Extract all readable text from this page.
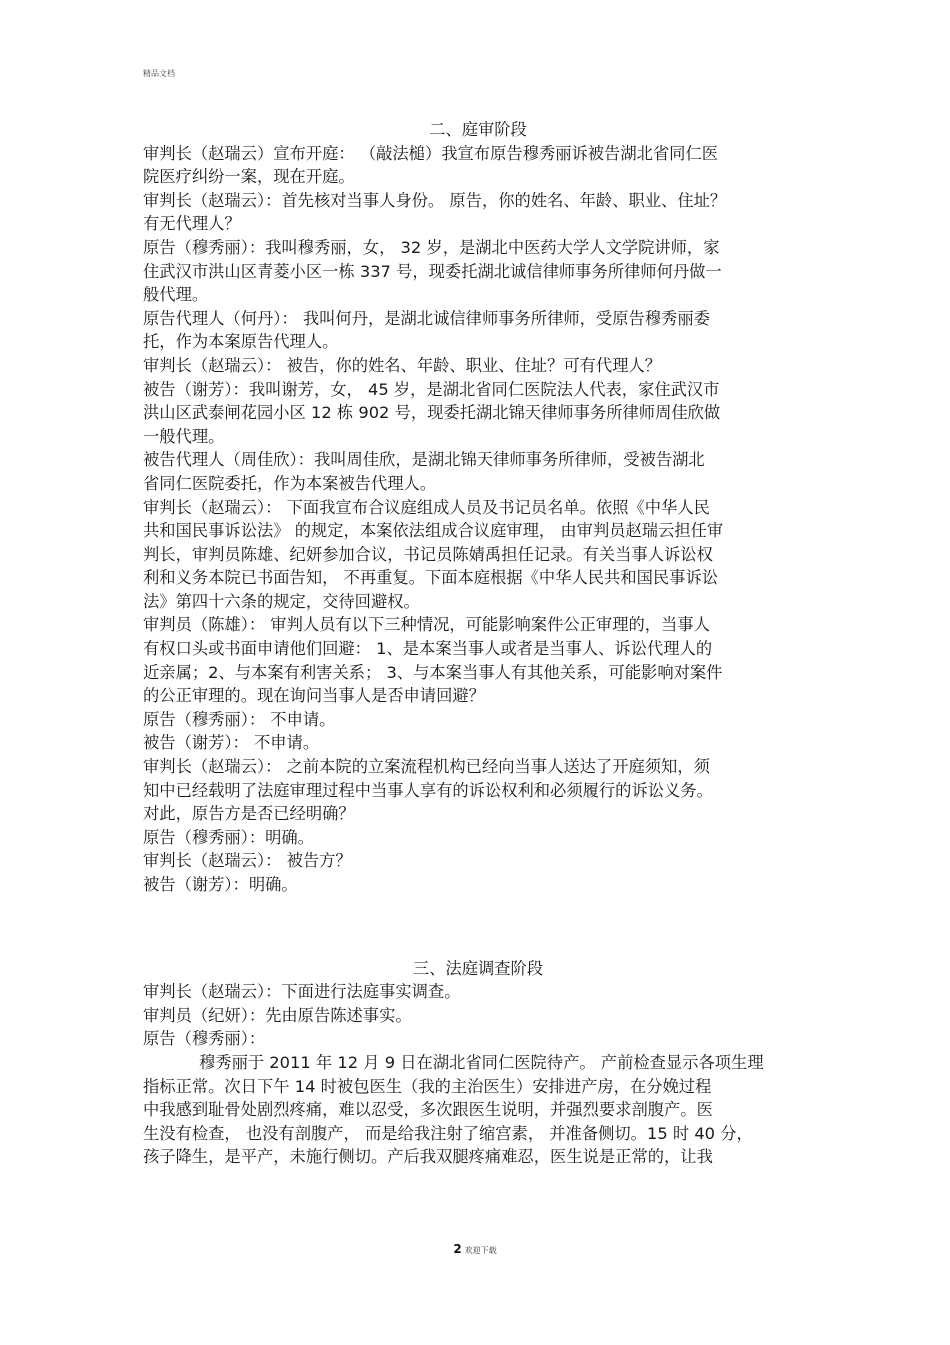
精品文档
二、庭审阶段
审判长（赵瑞云）宣布开庭： （敲法槌）我宣布原告穆秀丽诉被告湖北省同仁医
院医疗纠纷一案，现在开庭。
审判长（赵瑞云）：首先核对当事人身份。 原告，你的姓名、年龄、职业、住址？
有无代理人？
原告（穆秀丽）：我叫穆秀丽，女， 32 岁，是湖北中医药大学人文学院讲师，家
住武汉市洪山区青菱小区一栋 337 号，现委托湖北诚信律师事务所律师何丹做一
般代理。
原告代理人（何丹）： 我叫何丹，是湖北诚信律师事务所律师，受原告穆秀丽委
托，作为本案原告代理人。
审判长（赵瑞云）： 被告，你的姓名、年龄、职业、住址？可有代理人？
被告（谢芳）：我叫谢芳，女， 45 岁，是湖北省同仁医院法人代表，家住武汉市
洪山区武泰闸花园小区 12 栋 902 号，现委托湖北锦天律师事务所律师周佳欣做
一般代理。
被告代理人（周佳欣）：我叫周佳欣，是湖北锦天律师事务所律师，受被告湖北
省同仁医院委托，作为本案被告代理人。
审判长（赵瑞云）： 下面我宣布合议庭组成人员及书记员名单。依照《中华人民
共和国民事诉讼法》 的规定，本案依法组成合议庭审理， 由审判员赵瑞云担任审
判长，审判员陈雄、纪妍参加合议，书记员陈婧禹担任记录。有关当事人诉讼权
利和义务本院已书面告知， 不再重复。下面本庭根据《中华人民共和国民事诉讼
法》第四十六条的规定，交待回避权。
审判员（陈雄）： 审判人员有以下三种情况，可能影响案件公正审理的，当事人
有权口头或书面申请他们回避： 1、是本案当事人或者是当事人、诉讼代理人的
近亲属；2、与本案有利害关系； 3、与本案当事人有其他关系，可能影响对案件
的公正审理的。现在询问当事人是否申请回避？
原告（穆秀丽）： 不申请。
被告（谢芳）： 不申请。
审判长（赵瑞云）： 之前本院的立案流程机构已经向当事人送达了开庭须知，须
知中已经载明了法庭审理过程中当事人享有的诉讼权利和必须履行的诉讼义务。
对此，原告方是否已经明确？
原告（穆秀丽）：明确。
审判长（赵瑞云）： 被告方？
被告（谢芳）：明确。
三、法庭调查阶段
审判长（赵瑞云）：下面进行法庭事实调查。
审判员（纪妍）：先由原告陈述事实。
原告（穆秀丽）：
穆秀丽于 2011 年 12 月 9 日在湖北省同仁医院待产。 产前检查显示各项生理
指标正常。次日下午 14 时被包医生（我的主治医生）安排进产房，在分娩过程
中我感到耻骨处剧烈疼痛，难以忍受，多次跟医生说明，并强烈要求剖腹产。医
生没有检查， 也没有剖腹产， 而是给我注射了缩宫素， 并准备侧切。15 时 40 分，
孩子降生，是平产，未施行侧切。产后我双腿疼痛难忍，医生说是正常的，让我
2 欢迎下载
